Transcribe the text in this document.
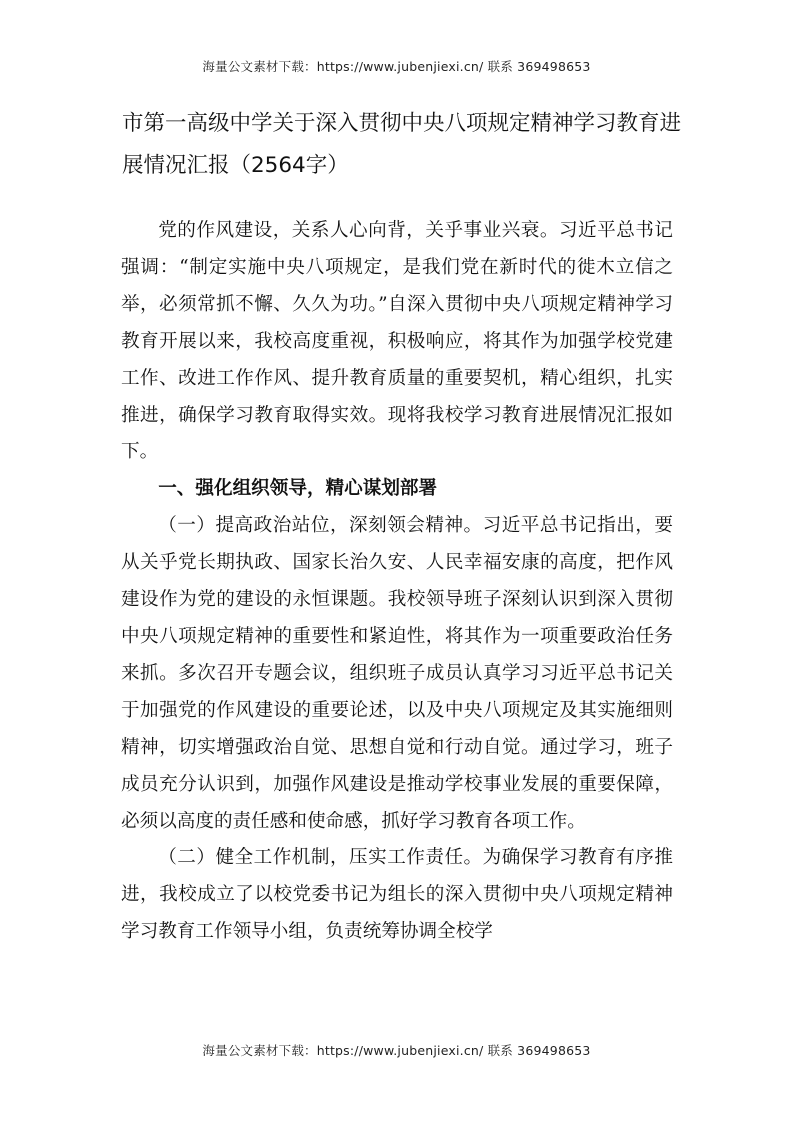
海量公文素材下载：https://www.jubenjiexi.cn/ 联系 369498653
市第一高级中学关于深入贯彻中央八项规定精神学习教育进展情况汇报（2564字）

党的作风建设，关系人心向背，关乎事业兴衰。习近平总书记强调：“制定实施中央八项规定，是我们党在新时代的徙木立信之举，必须常抓不懈、久久为功。”自深入贯彻中央八项规定精神学习教育开展以来，我校高度重视，积极响应，将其作为加强学校党建工作、改进工作作风、提升教育质量的重要契机，精心组织，扎实推进，确保学习教育取得实效。现将我校学习教育进展情况汇报如下。

一、强化组织领导，精心谋划部署

（一）提高政治站位，深刻领会精神。习近平总书记指出，要从关乎党长期执政、国家长治久安、人民幸福安康的高度，把作风建设作为党的建设的永恒课题。我校领导班子深刻认识到深入贯彻中央八项规定精神的重要性和紧迫性，将其作为一项重要政治任务来抓。多次召开专题会议，组织班子成员认真学习习近平总书记关于加强党的作风建设的重要论述，以及中央八项规定及其实施细则精神，切实增强政治自觉、思想自觉和行动自觉。通过学习，班子成员充分认识到，加强作风建设是推动学校事业发展的重要保障，必须以高度的责任感和使命感，抓好学习教育各项工作。

（二）健全工作机制，压实工作责任。为确保学习教育有序推进，我校成立了以校党委书记为组长的深入贯彻中央八项规定精神学习教育工作领导小组，负责统筹协调全校学

海量公文素材下载：https://www.jubenjiexi.cn/ 联系 369498653
